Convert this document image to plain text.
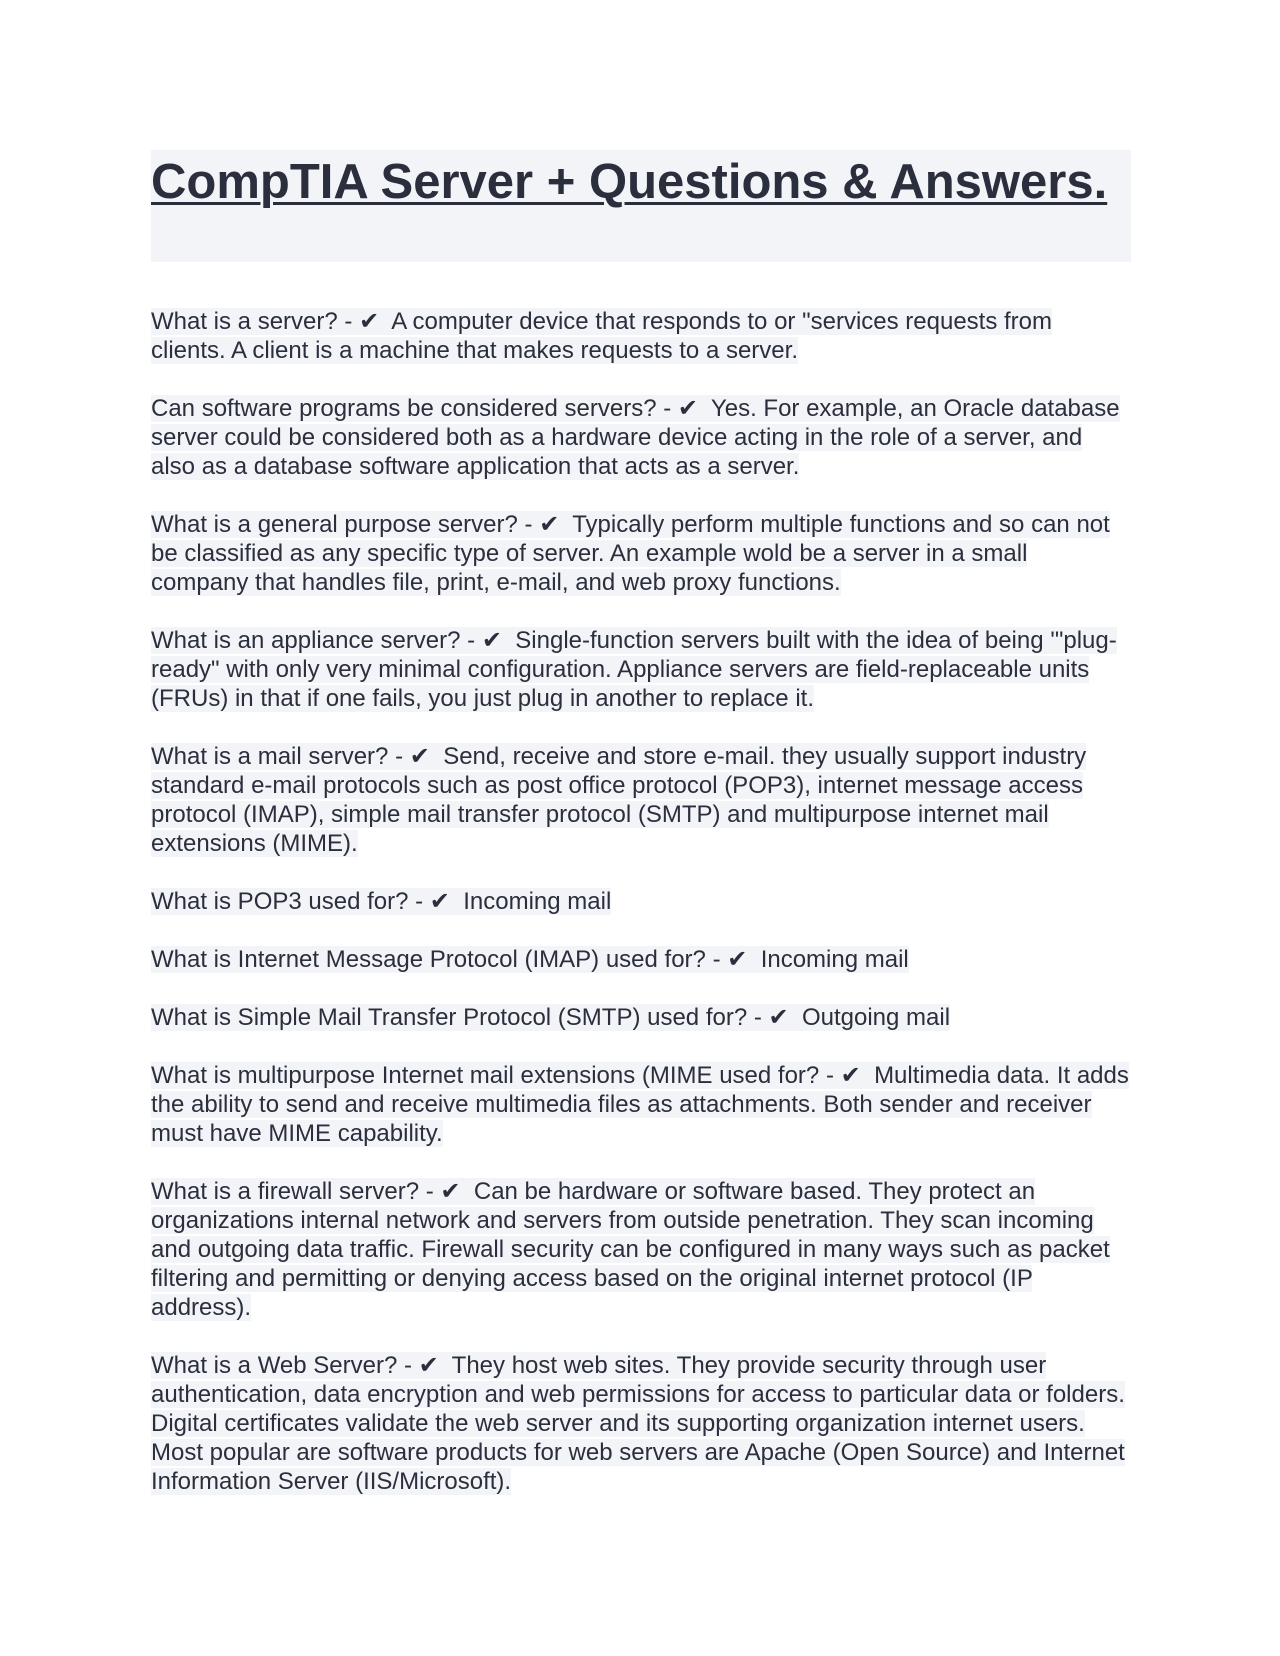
CompTIA Server + Questions & Answers.

What is a server? - ✔ A computer device that responds to or "services requests from clients. A client is a machine that makes requests to a server.

Can software programs be considered servers? - ✔ Yes. For example, an Oracle database server could be considered both as a hardware device acting in the role of a server, and also as a database software application that acts as a server.

What is a general purpose server? - ✔ Typically perform multiple functions and so can not be classified as any specific type of server. An example wold be a server in a small company that handles file, print, e-mail, and web proxy functions.

What is an appliance server? - ✔ Single-function servers built with the idea of being '"plug-ready" with only very minimal configuration. Appliance servers are field-replaceable units (FRUs) in that if one fails, you just plug in another to replace it.

What is a mail server? - ✔ Send, receive and store e-mail. they usually support industry standard e-mail protocols such as post office protocol (POP3), internet message access protocol (IMAP), simple mail transfer protocol (SMTP) and multipurpose internet mail extensions (MIME).

What is POP3 used for? - ✔ Incoming mail

What is Internet Message Protocol (IMAP) used for? - ✔ Incoming mail

What is Simple Mail Transfer Protocol (SMTP) used for? - ✔ Outgoing mail

What is multipurpose Internet mail extensions (MIME used for? - ✔ Multimedia data. It adds the ability to send and receive multimedia files as attachments. Both sender and receiver must have MIME capability.

What is a firewall server? - ✔ Can be hardware or software based. They protect an organizations internal network and servers from outside penetration. They scan incoming and outgoing data traffic. Firewall security can be configured in many ways such as packet filtering and permitting or denying access based on the original internet protocol (IP address).

What is a Web Server? - ✔ They host web sites. They provide security through user authentication, data encryption and web permissions for access to particular data or folders. Digital certificates validate the web server and its supporting organization internet users. Most popular are software products for web servers are Apache (Open Source) and Internet Information Server (IIS/Microsoft).
